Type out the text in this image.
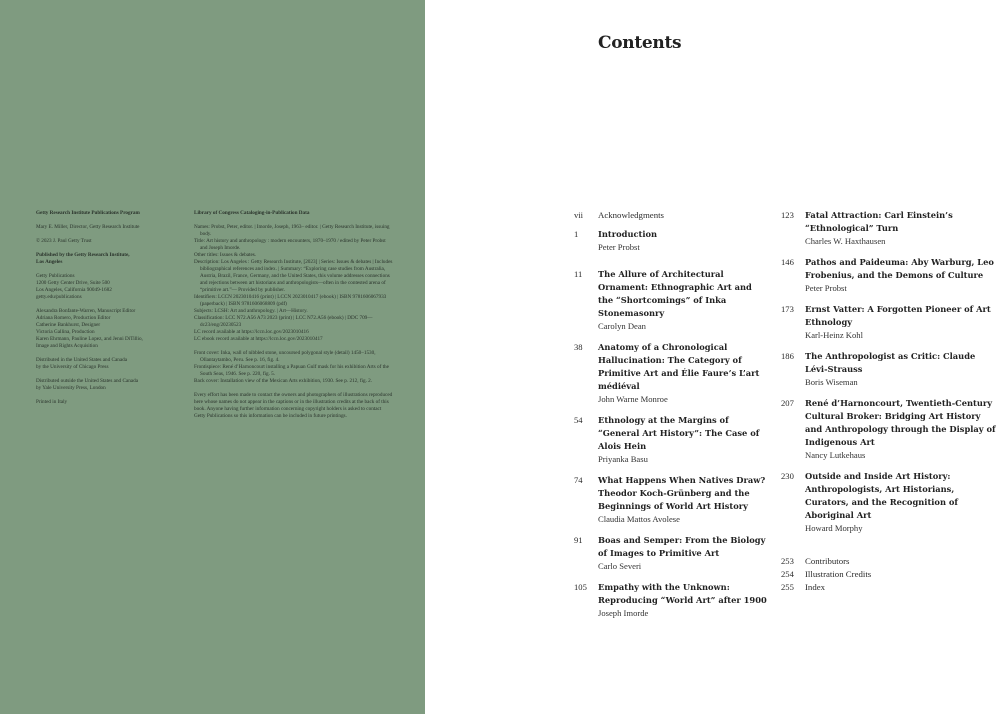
Getty Research Institute Publications Program
Mary E. Miller, Director, Getty Research Institute
© 2023 J. Paul Getty Trust
Published by the Getty Research Institute,
Los Angeles
Getty Publications
1200 Getty Center Drive, Suite 500
Los Angeles, California 90049-1682
getty.edu/publications
Alexandra Bonfante-Warren, Manuscript Editor
Adriana Romero, Production Editor
Catherine Bankhurst, Designer
Victoria Gallina, Production
Karen Ehrmann, Pauline Lopez, and Jenni DiTillio,
Image and Rights Acquisition
Distributed in the United States and Canada
by the University of Chicago Press
Distributed outside the United States and Canada
by Yale University Press, London
Printed in Italy
Library of Congress Cataloging-in-Publication Data
Names: Probst, Peter, editor. | Imorde, Joseph, 1963– editor. | Getty Research Institute, issuing body.
Title: Art history and anthropology : modern encounters, 1870–1970 / edited by Peter Probst and Joseph Imorde.
Other titles: Issues & debates.
Description: Los Angeles : Getty Research Institute, [2023] | Series: Issues & debates | Includes bibliographical references and index. | Summary: “Exploring case studies from Australia, Austria, Brazil, France, Germany, and the United States, this volume addresses connections and rejections between art historians and anthropologists—often in the contested arena of “primitive art.”— Provided by publisher.
Identifiers: LCCN 2023010416 (print) | LCCN 2023010417 (ebook) | ISBN 9781606067933 (paperback) | ISBN 9781606068809 (pdf)
Subjects: LCSH: Art and anthropology. | Art—History.
Classification: LCC N72.A56 A73 2023 (print) | LCC N72.A56 (ebook) | DDC 709—dc23/eng/20230523
LC record available at https://lccn.loc.gov/2023010416
LC ebook record available at https://lccn.loc.gov/2023010417
Front cover: Inka, wall of nibbled stone, uncoursed polygonal style (detail) 1450–1530, Ollantaytambo, Peru. See p. 16, fig. 4.
Frontispiece: René d’Harnoncourt installing a Papuan Gulf mask for his exhibition Arts of the South Seas, 1946. See p. 220, fig. 5.
Back cover: Installation view of the Mexican Arts exhibition, 1930. See p. 212, fig. 2.
Every effort has been made to contact the owners and photographers of illustrations reproduced here whose names do not appear in the captions or in the illustration credits at the back of this book. Anyone having further information concerning copyright holders is asked to contact Getty Publications so this information can be included in future printings.
Contents
vii	Acknowledgments
1	Introduction
Peter Probst
11	The Allure of Architectural Ornament: Ethnographic Art and the “Shortcomings” of Inka Stonemasonry
Carolyn Dean
38	Anatomy of a Chronological Hallucination: The Category of Primitive Art and Élie Faure’s L’art médiéval
John Warne Monroe
54	Ethnology at the Margins of “General Art History”: The Case of Alois Hein
Priyanka Basu
74	What Happens When Natives Draw? Theodor Koch-Grünberg and the Beginnings of World Art History
Claudia Mattos Avolese
91	Boas and Semper: From the Biology of Images to Primitive Art
Carlo Severi
105	Empathy with the Unknown: Reproducing “World Art” after 1900
Joseph Imorde
123	Fatal Attraction: Carl Einstein’s “Ethnological” Turn
Charles W. Haxthausen
146	Pathos and Paideuma: Aby Warburg, Leo Frobenius, and the Demons of Culture
Peter Probst
173	Ernst Vatter: A Forgotten Pioneer of Art Ethnology
Karl-Heinz Kohl
186	The Anthropologist as Critic: Claude Lévi-Strauss
Boris Wiseman
207	René d’Harnoncourt, Twentieth-Century Cultural Broker: Bridging Art History and Anthropology through the Display of Indigenous Art
Nancy Lutkehaus
230	Outside and Inside Art History: Anthropologists, Art Historians, Curators, and the Recognition of Aboriginal Art
Howard Morphy
253	Contributors
254	Illustration Credits
255	Index
